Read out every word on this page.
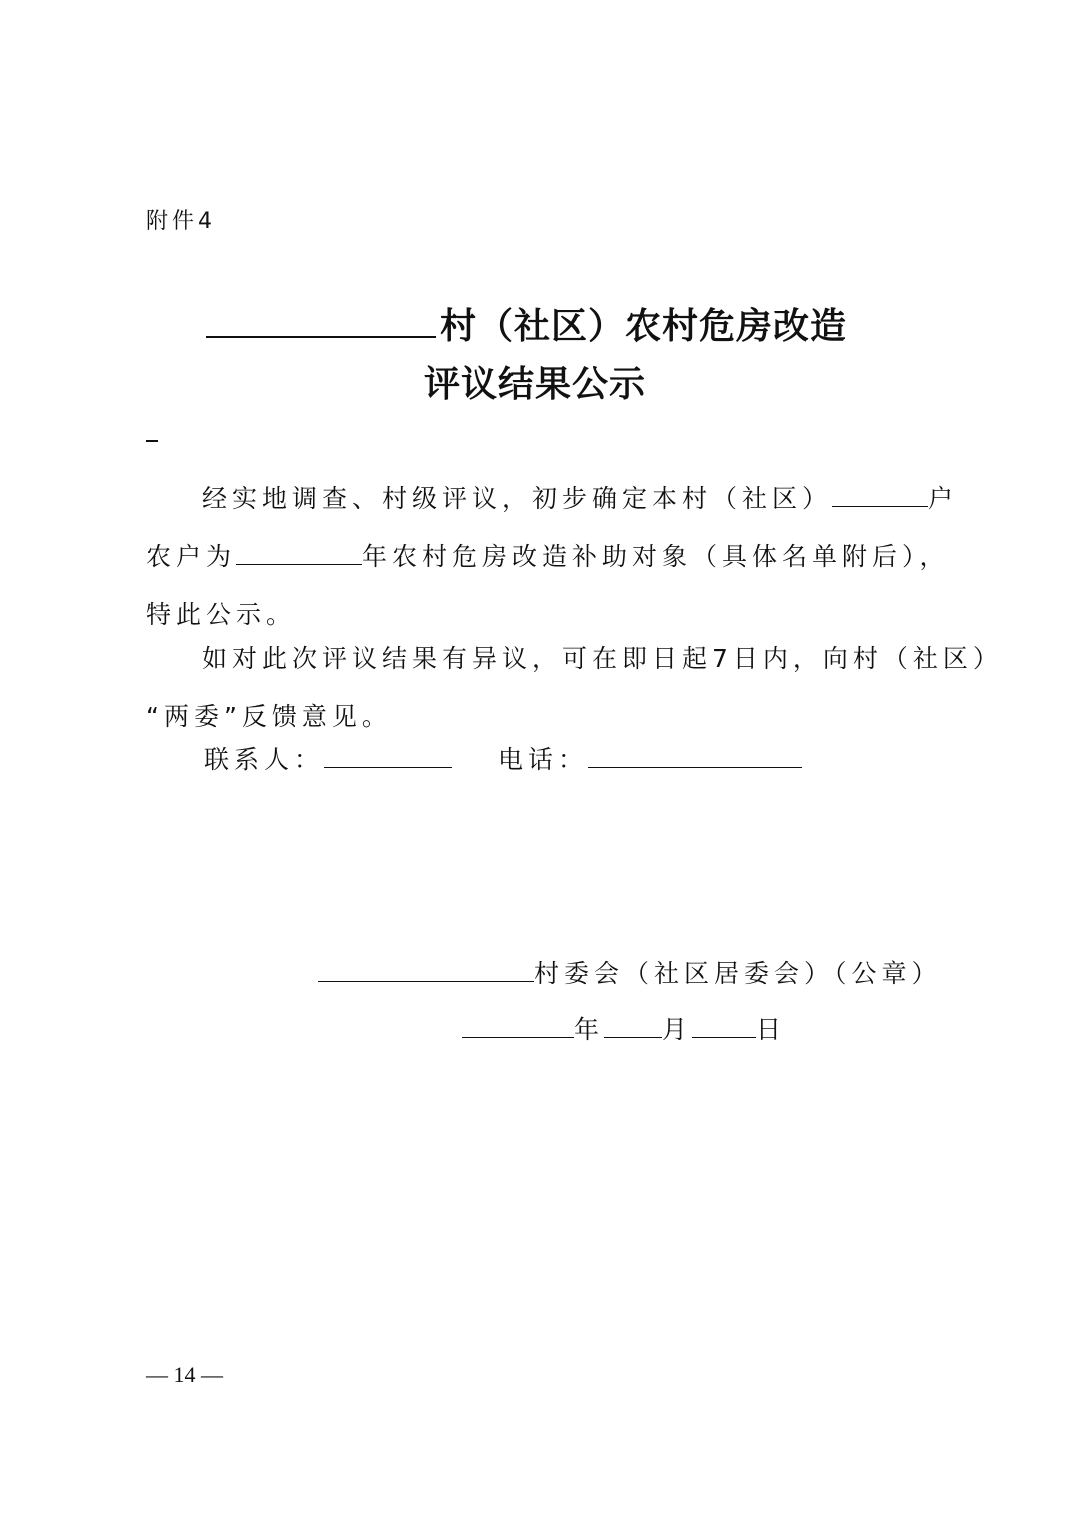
附件4
村（社区）农村危房改造
评议结果公示
经实地调查、村级评议，初步确定本村（社区）	户
农户为	年农村危房改造补助对象（具体名单附后），
特此公示。
如对此次评议结果有异议，可在即日起7日内，向村（社区）
“两委”反馈意见。
联系人：	电话：
村委会（社区居委会）（公章）
年 月	日
— 14 —
